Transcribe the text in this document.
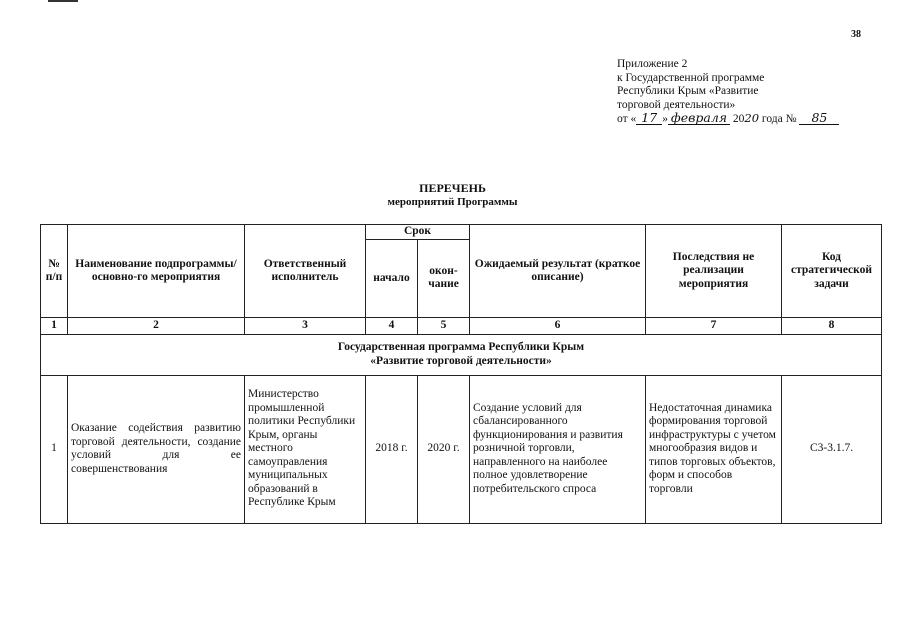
38
Приложение 2
к Государственной программе
Республики Крым «Развитие
торговой деятельности»
от « 17 » февраля 2020 года № 85
ПЕРЕЧЕНЬ
мероприятий Программы
№ п/п	Наименование подпрограммы/основно-го мероприятия	Ответственный исполнитель	Срок		Ожидаемый результат (краткое описание)	Последствия не реализации мероприятия	Код стратегической задачи
			начало	окон-чание			
1	2	3	4	5	6	7	8

Государственная программа Республики Крым
«Развитие торговой деятельности»							

1	Оказание содействия развитию торговой деятельности, создание условий для ее совершенствования	Министерство промышленной политики Республики Крым, органы местного самоуправления муниципальных образований в Республике Крым	2018 г.	2020 г.	Создание условий для сбалансированного функционирования и развития розничной торговли, направленного на наиболее полное удовлетворение потребительского спроса	Недостаточная динамика формирования торговой инфраструктуры с учетом многообразия видов и типов торговых объектов, форм и способов торговли	С3-3.1.7.
